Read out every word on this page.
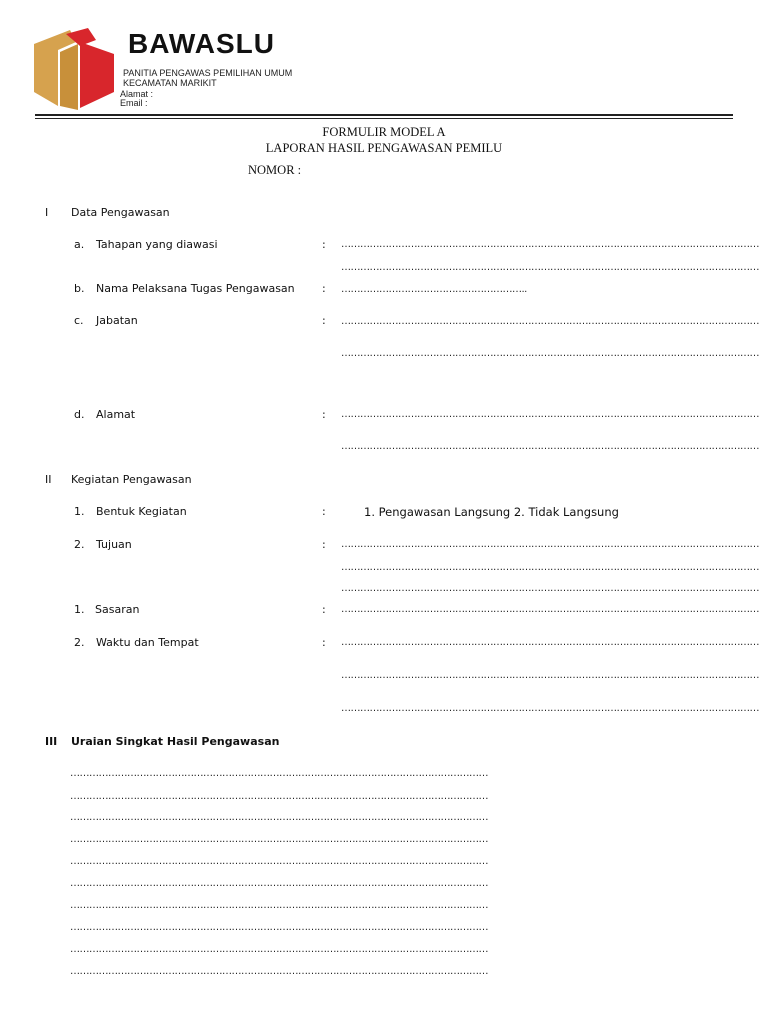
BAWASLU
PANITIA PENGAWAS PEMILIHAN UMUM
KECAMATAN MARIKIT
Alamat :
Email :
FORMULIR MODEL A
LAPORAN HASIL PENGAWASAN PEMILU
NOMOR :
I Data Pengawasan
a. Tahapan yang diawasi	: ……………………………………………………………………………………………………………………
……………………………………………………………………………………………………………………
b. Nama Pelaksana Tugas Pengawasan : …………………………………………………..
c. Jabatan	: ……………………………………………………………………………………………………………………
……………………………………………………………………………………………………………………
d. Alamat	: ……………………………………………………………………………………………………………………
……………………………………………………………………………………………………………………
II Kegiatan Pengawasan
1. Bentuk Kegiatan	:	1. Pengawasan Langsung 2. Tidak Langsung
2. Tujuan	: ……………………………………………………………………………………………………………………
……………………………………………………………………………………………………………………
……………………………………………………………………………………………………………………
1. Sasaran	: ……………………………………………………………………………………………………………………
2. Waktu dan Tempat	: ……………………………………………………………………………………………………………………
……………………………………………………………………………………………………………………
……………………………………………………………………………………………………………………
III Uraian Singkat Hasil Pengawasan
……………………………………………………………………………………………………………………
……………………………………………………………………………………………………………………
……………………………………………………………………………………………………………………
……………………………………………………………………………………………………………………
……………………………………………………………………………………………………………………
……………………………………………………………………………………………………………………
……………………………………………………………………………………………………………………
……………………………………………………………………………………………………………………
……………………………………………………………………………………………………………………
……………………………………………………………………………………………………………………
